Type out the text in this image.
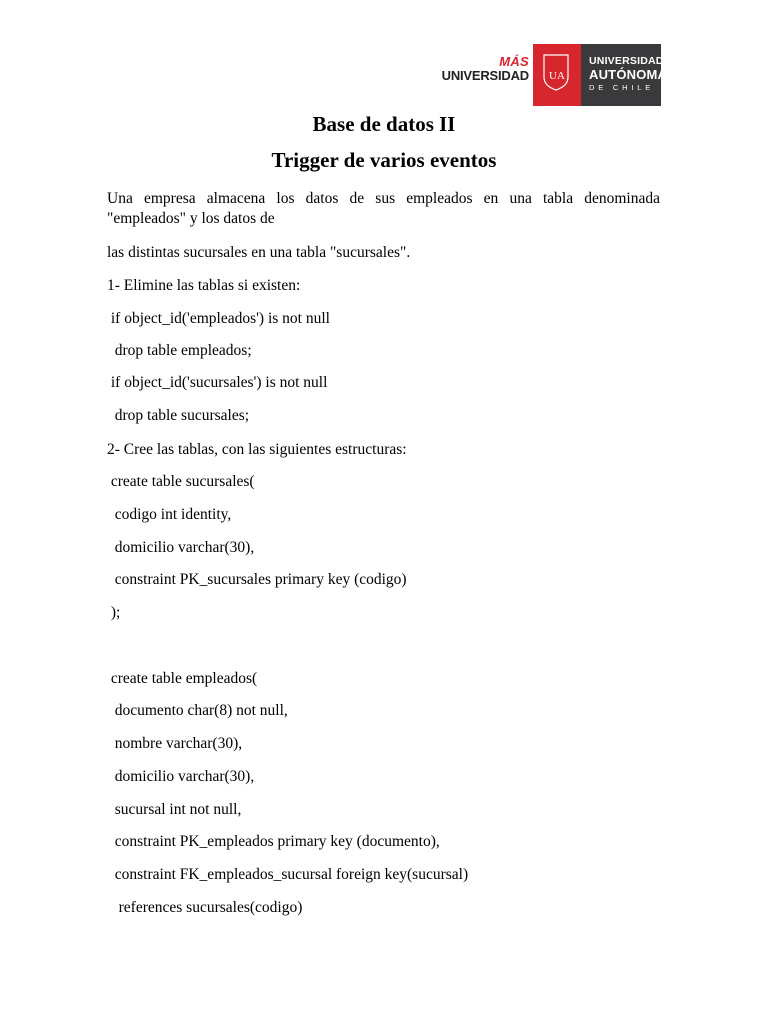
MÁS
UNIVERSIDAD	UA
UNIVERSIDAD
AUTÓNOMA
DE CHILE
Base de datos II
Trigger de varios eventos

Una empresa almacena los datos de sus empleados en una tabla denominada

"empleados" y los datos de

las distintas sucursales en una tabla "sucursales".

1- Elimine las tablas si existen:

if object_id('empleados') is not null

drop table empleados;

if object_id('sucursales') is not null

drop table sucursales;

2- Cree las tablas, con las siguientes estructuras:

create table sucursales(

codigo int identity,

domicilio varchar(30),

constraint PK_sucursales primary key (codigo)

);

create table empleados(

documento char(8) not null,

nombre varchar(30),

domicilio varchar(30),

sucursal int not null,

constraint PK_empleados primary key (documento),

constraint FK_empleados_sucursal foreign key(sucursal)

references sucursales(codigo)
